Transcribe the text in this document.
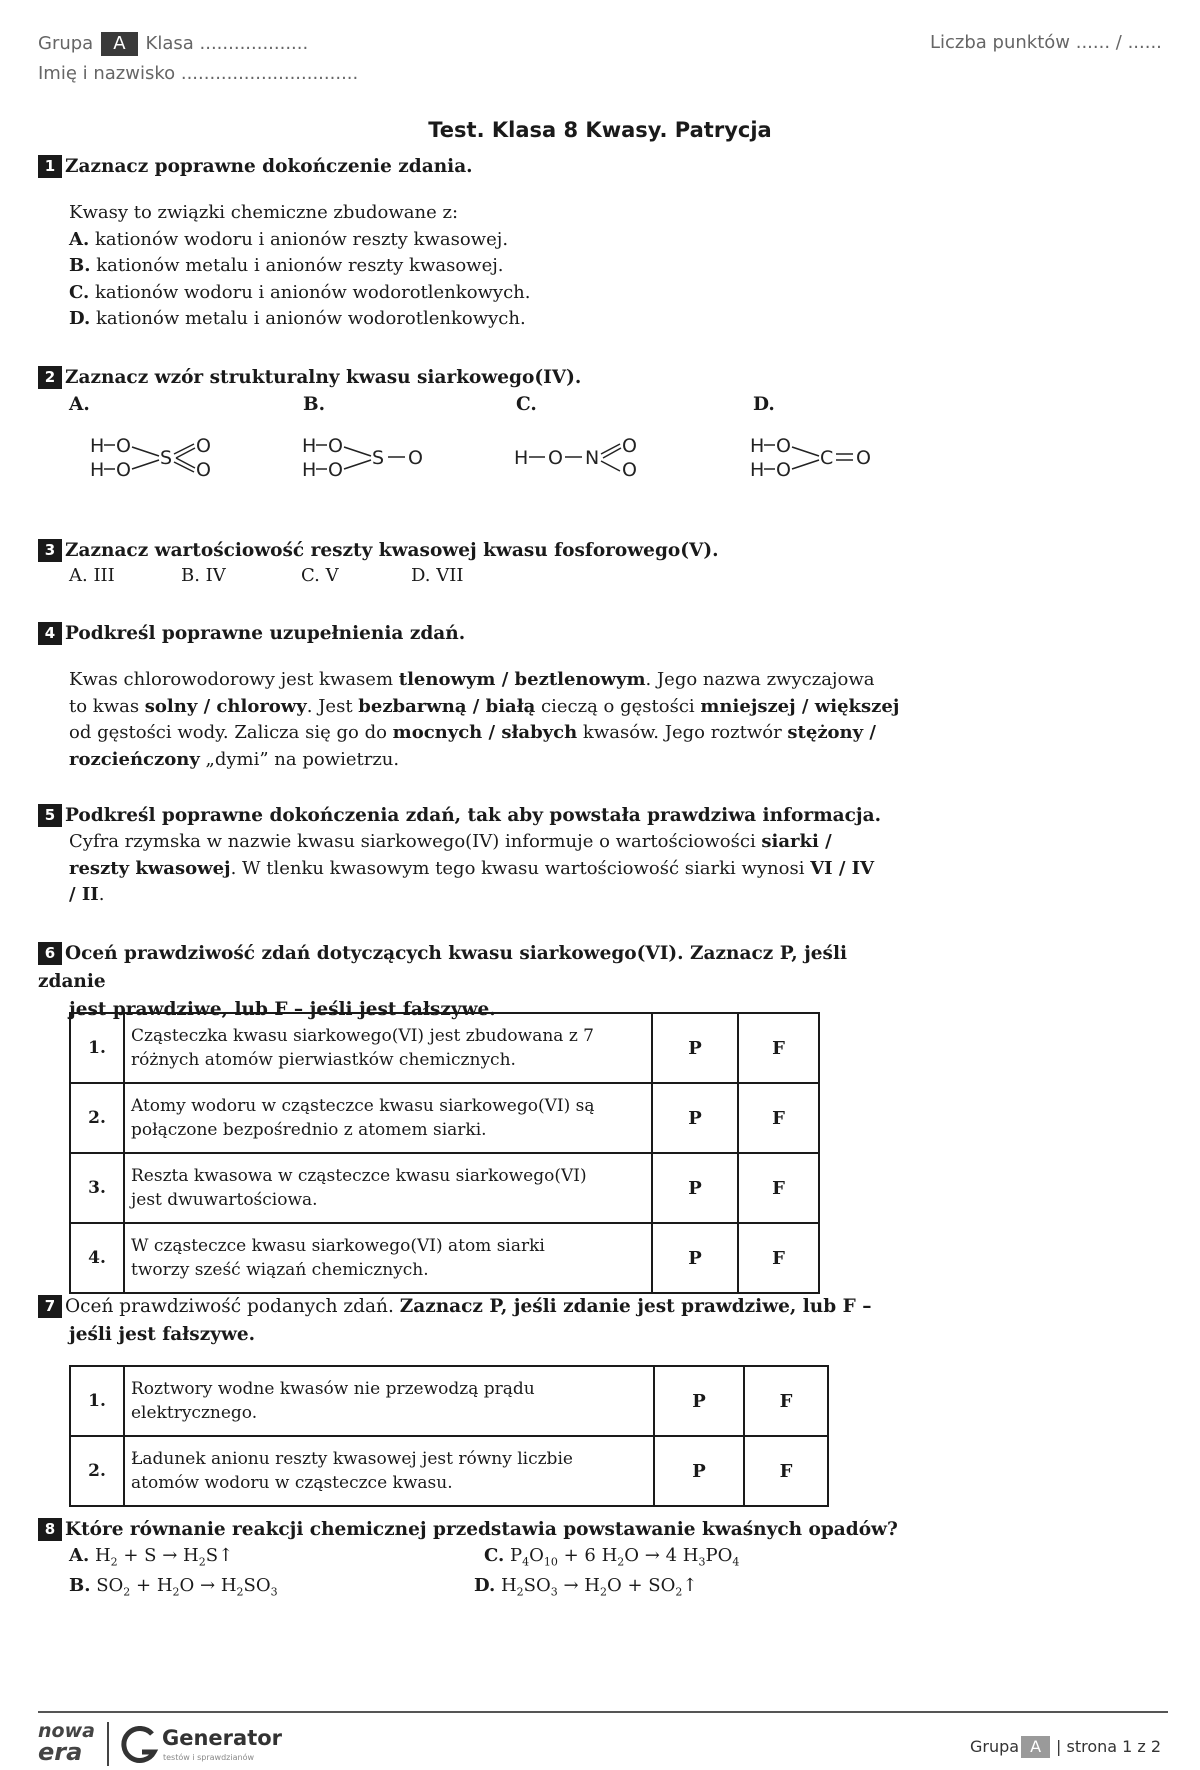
Grupa A Klasa ...................	Liczba punktów ...... / ......
Imię i nazwisko ...............................
Test. Klasa 8 Kwasy. Patrycja
1 Zaznacz poprawne dokończenie zdania.

Kwasy to związki chemiczne zbudowane z:

A. kationów wodoru i anionów reszty kwasowej.

B. kationów metalu i anionów reszty kwasowej.

C. kationów wodoru i anionów wodorotlenkowych.

D. kationów metalu i anionów wodorotlenkowych.

2 Zaznacz wzór strukturalny kwasu siarkowego(IV).
A.	B.	C.	D.
H O
H O
S
O
O
H O
H O
S O	H O N
O
O
H O
H O
C O
3 Zaznacz wartościowość reszty kwasowej kwasu fosforowego(V).
A. III	B. IV	C. V	D. VII
4 Podkreśl poprawne uzupełnienia zdań.

Kwas chlorowodorowy jest kwasem tlenowym / beztlenowym. Jego nazwa zwyczajowa

to kwas solny / chlorowy. Jest bezbarwną / białą cieczą o gęstości mniejszej / większej

od gęstości wody. Zalicza się go do mocnych / słabych kwasów. Jego roztwór stężony /

rozcieńczony „dymi” na powietrzu.

5 Podkreśl poprawne dokończenia zdań, tak aby powstała prawdziwa informacja.

Cyfra rzymska w nazwie kwasu siarkowego(IV) informuje o wartościowości siarki /

reszty kwasowej. W tlenku kwasowym tego kwasu wartościowość siarki wynosi VI / IV

/ II.

6 Oceń prawdziwość zdań dotyczących kwasu siarkowego(VI). Zaznacz P, jeśli zdanie
jest prawdziwe, lub F – jeśli jest fałszywe.
1.	Cząsteczka kwasu siarkowego(VI) jest zbudowana z 7
różnych atomów pierwiastków chemicznych.	P	F
2.	Atomy wodoru w cząsteczce kwasu siarkowego(VI) są
połączone bezpośrednio z atomem siarki.	P	F
3.	Reszta kwasowa w cząsteczce kwasu siarkowego(VI)
jest dwuwartościowa.	P	F
4.	W cząsteczce kwasu siarkowego(VI) atom siarki
tworzy sześć wiązań chemicznych.	P	F
7 Oceń prawdziwość podanych zdań. Zaznacz P, jeśli zdanie jest prawdziwe, lub F –
jeśli jest fałszywe.
1.	Roztwory wodne kwasów nie przewodzą prądu
elektrycznego.	P	F
2.	Ładunek anionu reszty kwasowej jest równy liczbie
atomów wodoru w cząsteczce kwasu.	P	F
8 Które równanie reakcji chemicznej przedstawia powstawanie kwaśnych opadów?
A. $H_2 + S$ → $H_2S↑$	C. $P_4O_{10} + 6$ $H_2O \to 4$ $H_3PO_4$
B. $SO_2 + H_2O \to H_2SO_3$	D. $H_2SO_3 \to H_2O$ + $SO_2↑$
nowa
era	Generator
testów i sprawdzianów
Grupa A | strona 1 z 2
